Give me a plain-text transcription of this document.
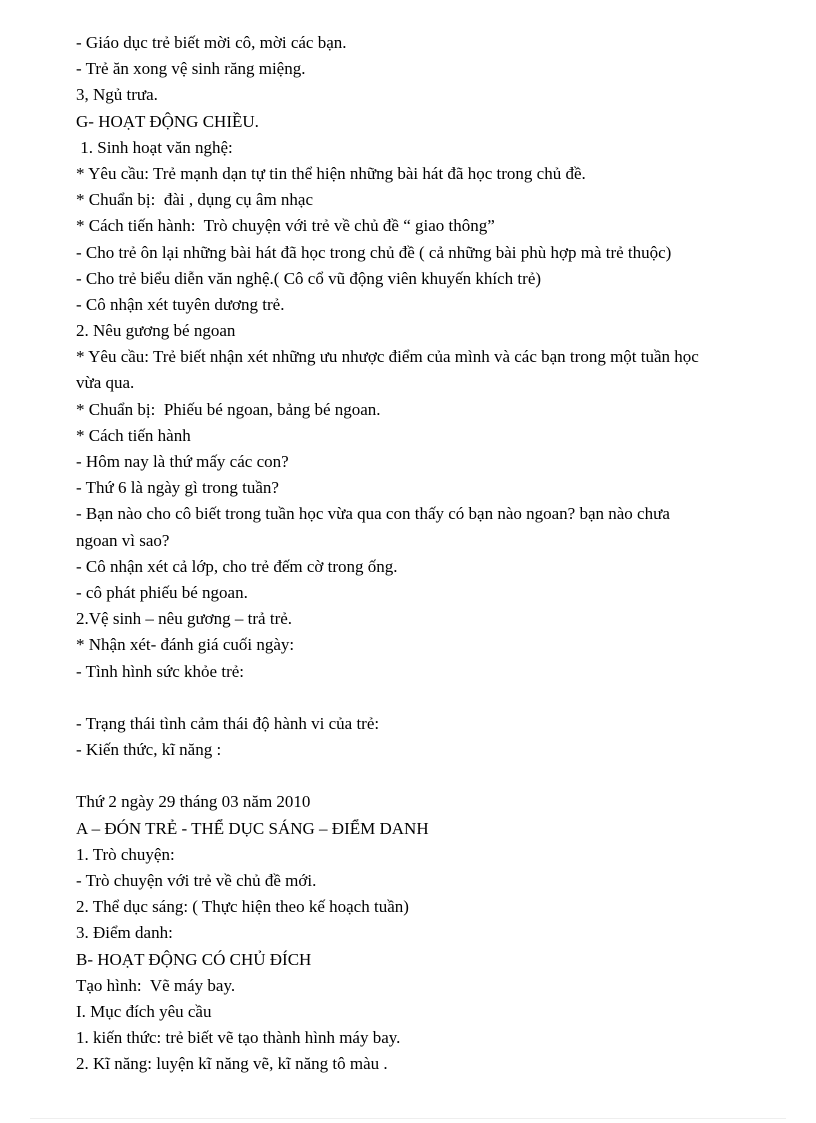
- Giáo dục trẻ biết mời cô, mời các bạn.
- Trẻ ăn xong vệ sinh răng miệng.
3, Ngủ trưa.
G- HOẠT ĐỘNG CHIỀU.
1. Sinh hoạt văn nghệ:
* Yêu cầu: Trẻ mạnh dạn tự tin thể hiện những bài hát đã học trong chủ đề.
* Chuẩn bị:  đài , dụng cụ âm nhạc
* Cách tiến hành:  Trò chuyện với trẻ về chủ đề “ giao thông”
- Cho trẻ ôn lại những bài hát đã học trong chủ đề ( cả những bài phù hợp mà trẻ thuộc)
- Cho trẻ biểu diễn văn nghệ.( Cô cổ vũ động viên khuyến khích trẻ)
- Cô nhận xét tuyên dương trẻ.
2. Nêu gương bé ngoan
* Yêu cầu: Trẻ biết nhận xét những ưu nhược điểm của mình và các bạn trong một tuần học
vừa qua.
* Chuẩn bị:  Phiếu bé ngoan, bảng bé ngoan.
* Cách tiến hành
- Hôm nay là thứ mấy các con?
- Thứ 6 là ngày gì trong tuần?
- Bạn nào cho cô biết trong tuần học vừa qua con thấy có bạn nào ngoan? bạn nào chưa
ngoan vì sao?
- Cô nhận xét cả lớp, cho trẻ đếm cờ trong ống.
- cô phát phiếu bé ngoan.
2.Vệ sinh – nêu gương – trả trẻ.
* Nhận xét- đánh giá cuối ngày:
- Tình hình sức khỏe trẻ:
- Trạng thái tình cảm thái độ hành vi của trẻ:
- Kiến thức, kĩ năng :
Thứ 2 ngày 29 tháng 03 năm 2010
A – ĐÓN TRẺ - THỂ DỤC SÁNG – ĐIỂM DANH
1. Trò chuyện:
- Trò chuyện với trẻ về chủ đề mới.
2. Thể dục sáng: ( Thực hiện theo kế hoạch tuần)
3. Điểm danh:
B- HOẠT ĐỘNG CÓ CHỦ ĐÍCH
Tạo hình:  Vẽ máy bay.
I. Mục đích yêu cầu
1. kiến thức: trẻ biết vẽ tạo thành hình máy bay.
2. Kĩ năng: luyện kĩ năng vẽ, kĩ năng tô màu .
